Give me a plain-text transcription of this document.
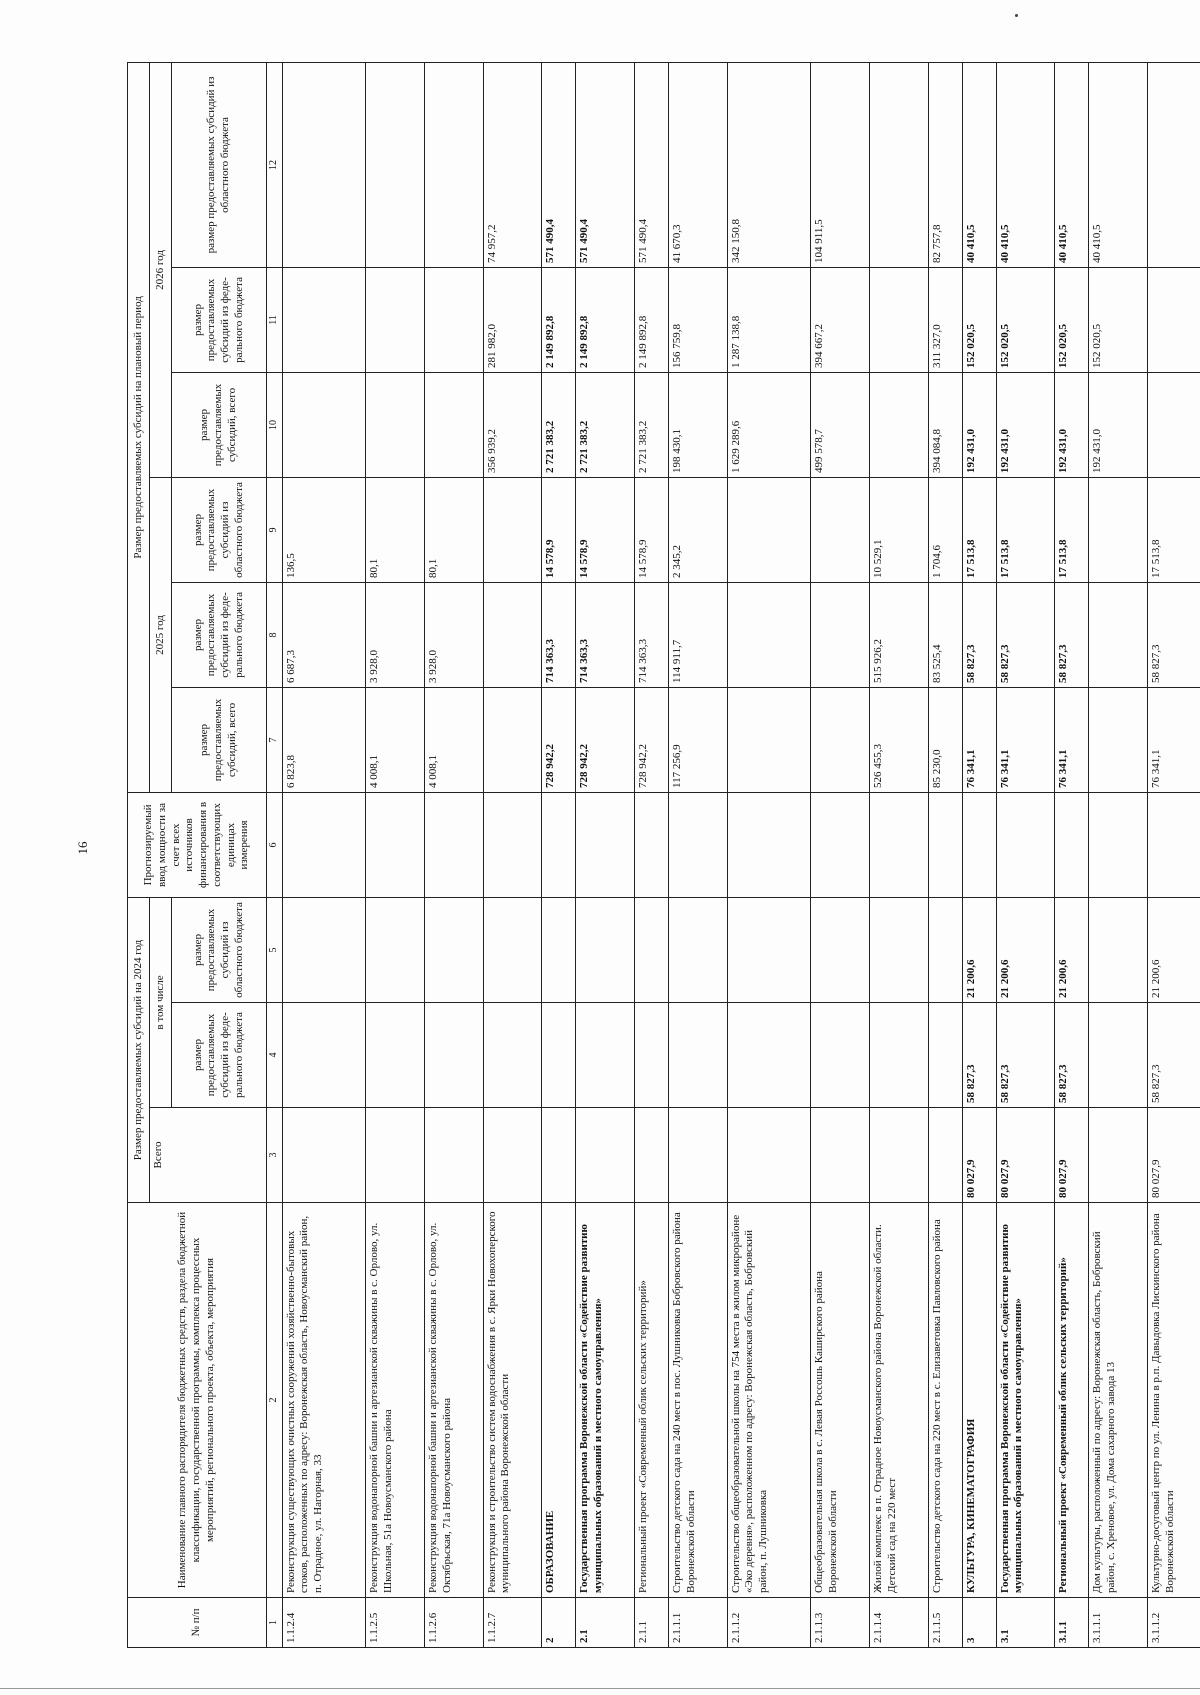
16
№ п/п	Наименование главного распорядителя бюджетных средств, раздела бюджетной классификации, государственной программы, комплекса процессных мероприятий, регионального проекта, объекта, мероприятия	Размер предоставляемых субсидий на 2024 год			Прогнозируемый ввод мощности за счет всех источников финансирования в соответствующих единицах измерения	Размер предоставляемых субсидий на плановый период					
		Всего	в том числе			2025 год			2026 год		
			размер предоставляемых субсидий из феде-рального бюджета	размер предоставляемых субсидий из областного бюджета		размер предоставляемых субсидий, всего	размер предоставляемых субсидий из феде-рального бюджета	размер предоставляемых субсидий из областного бюджета	размер предоставляемых субсидий, всего	размер предоставляемых субсидий из феде-рального бюджета	размер предоставляемых субсидий из областного бюджета
1	2	3	4	5	6	7	8	9	10	11	12
1.1.2.4	Реконструкция существующих очистных сооружений хозяйственно-бытовых стоков, расположенных по адресу: Воронежская область, Новоусманский район, п. Отрадное, ул. Нагорная, 33					6 823,8	6 687,3	136,5			
1.1.2.5	Реконструкция водонапорной башни и артезианской скважины в с. Орлово, ул. Школьная, 51а Новоусманского района					4 008,1	3 928,0	80,1			
1.1.2.6	Реконструкция водонапорной башни и артезианской скважины в с. Орлово, ул. Октябрьская, 71а Новоусманского района					4 008,1	3 928,0	80,1			
1.1.2.7	Реконструкция и строительство систем водоснабжения в с. Ярки Новохоперского муниципального района Воронежской области								356 939,2	281 982,0	74 957,2
2	ОБРАЗОВАНИЕ					728 942,2	714 363,3	14 578,9	2 721 383,2	2 149 892,8	571 490,4
2.1	Государственная программа Воронежской области «Содействие развитию муниципальных образований и местного самоуправления»					728 942,2	714 363,3	14 578,9	2 721 383,2	2 149 892,8	571 490,4
2.1.1	Региональный проект «Современный облик сельских территорий»					728 942,2	714 363,3	14 578,9	2 721 383,2	2 149 892,8	571 490,4
2.1.1.1	Строительство детского сада на 240 мест в пос. Лушниковка Бобровского района Воронежской области					117 256,9	114 911,7	2 345,2	198 430,1	156 759,8	41 670,3
2.1.1.2	Строительство общеобразовательной школы на 754 места в жилом микрорайоне «Эко деревня», расположенном по адресу: Воронежская область, Бобровский район, п. Лушниковка								1 629 289,6	1 287 138,8	342 150,8
2.1.1.3	Общеобразовательная школа в с. Левая Россошь Каширского района Воронежской области								499 578,7	394 667,2	104 911,5
2.1.1.4	Жилой комплекс в п. Отрадное Новоусманского района Воронежской области. Детский сад на 220 мест					526 455,3	515 926,2	10 529,1			
2.1.1.5	Строительство детского сада на 220 мест в с. Елизаветовка Павловского района					85 230,0	83 525,4	1 704,6	394 084,8	311 327,0	82 757,8
3	КУЛЬТУРА, КИНЕМАТОГРАФИЯ	80 027,9	58 827,3	21 200,6		76 341,1	58 827,3	17 513,8	192 431,0	152 020,5	40 410,5
3.1	Государственная программа Воронежской области «Содействие развитию муниципальных образований и местного самоуправления»	80 027,9	58 827,3	21 200,6		76 341,1	58 827,3	17 513,8	192 431,0	152 020,5	40 410,5
3.1.1	Региональный проект «Современный облик сельских территорий»	80 027,9	58 827,3	21 200,6		76 341,1	58 827,3	17 513,8	192 431,0	152 020,5	40 410,5
3.1.1.1	Дом культуры, расположенный по адресу: Воронежская область, Бобровский район, с. Хреновое, ул. Дома сахарного завода 13								192 431,0	152 020,5	40 410,5
3.1.1.2	Культурно-досуговый центр по ул. Ленина в р.п. Давыдовка Лискинского района Воронежской области	80 027,9	58 827,3	21 200,6		76 341,1	58 827,3	17 513,8			
